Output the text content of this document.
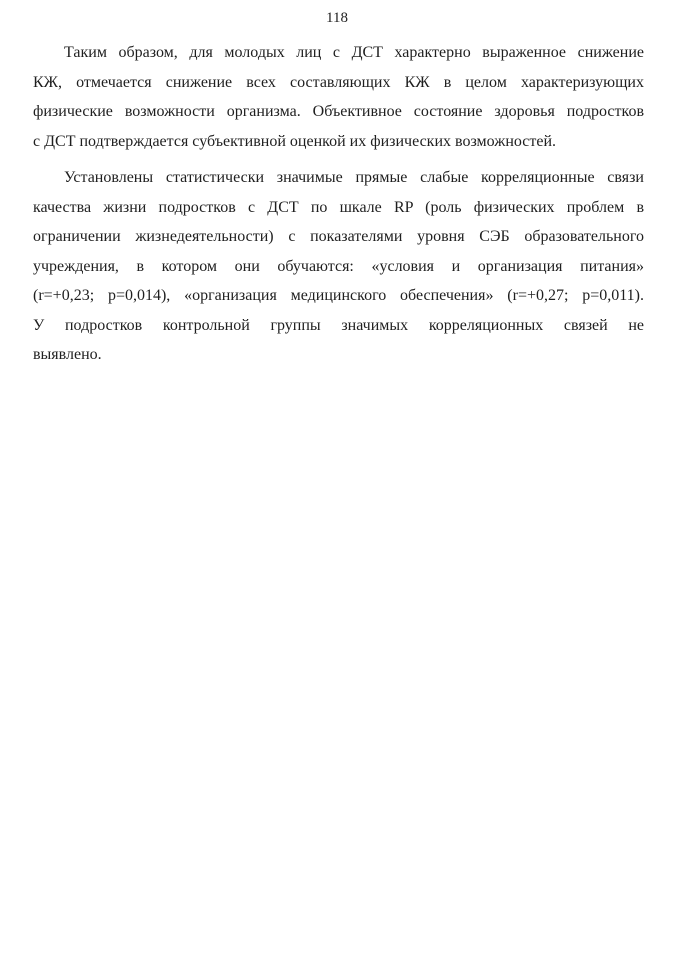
118
Таким образом, для молодых лиц с ДСТ характерно выраженное снижение
КЖ, отмечается снижение всех составляющих КЖ в целом характеризующих
физические возможности организма. Объективное состояние здоровья подростков
с ДСТ подтверждается субъективной оценкой их физических возможностей.
Установлены статистически значимые прямые слабые корреляционные связи
качества жизни подростков с ДСТ по шкале RP (роль физических проблем в
ограничении жизнедеятельности) с показателями уровня СЭБ образовательного
учреждения, в котором они обучаются: «условия и организация питания»
(r=+0,23; p=0,014), «организация медицинского обеспечения» (r=+0,27; p=0,011).
У подростков контрольной группы значимых корреляционных связей не
выявлено.
